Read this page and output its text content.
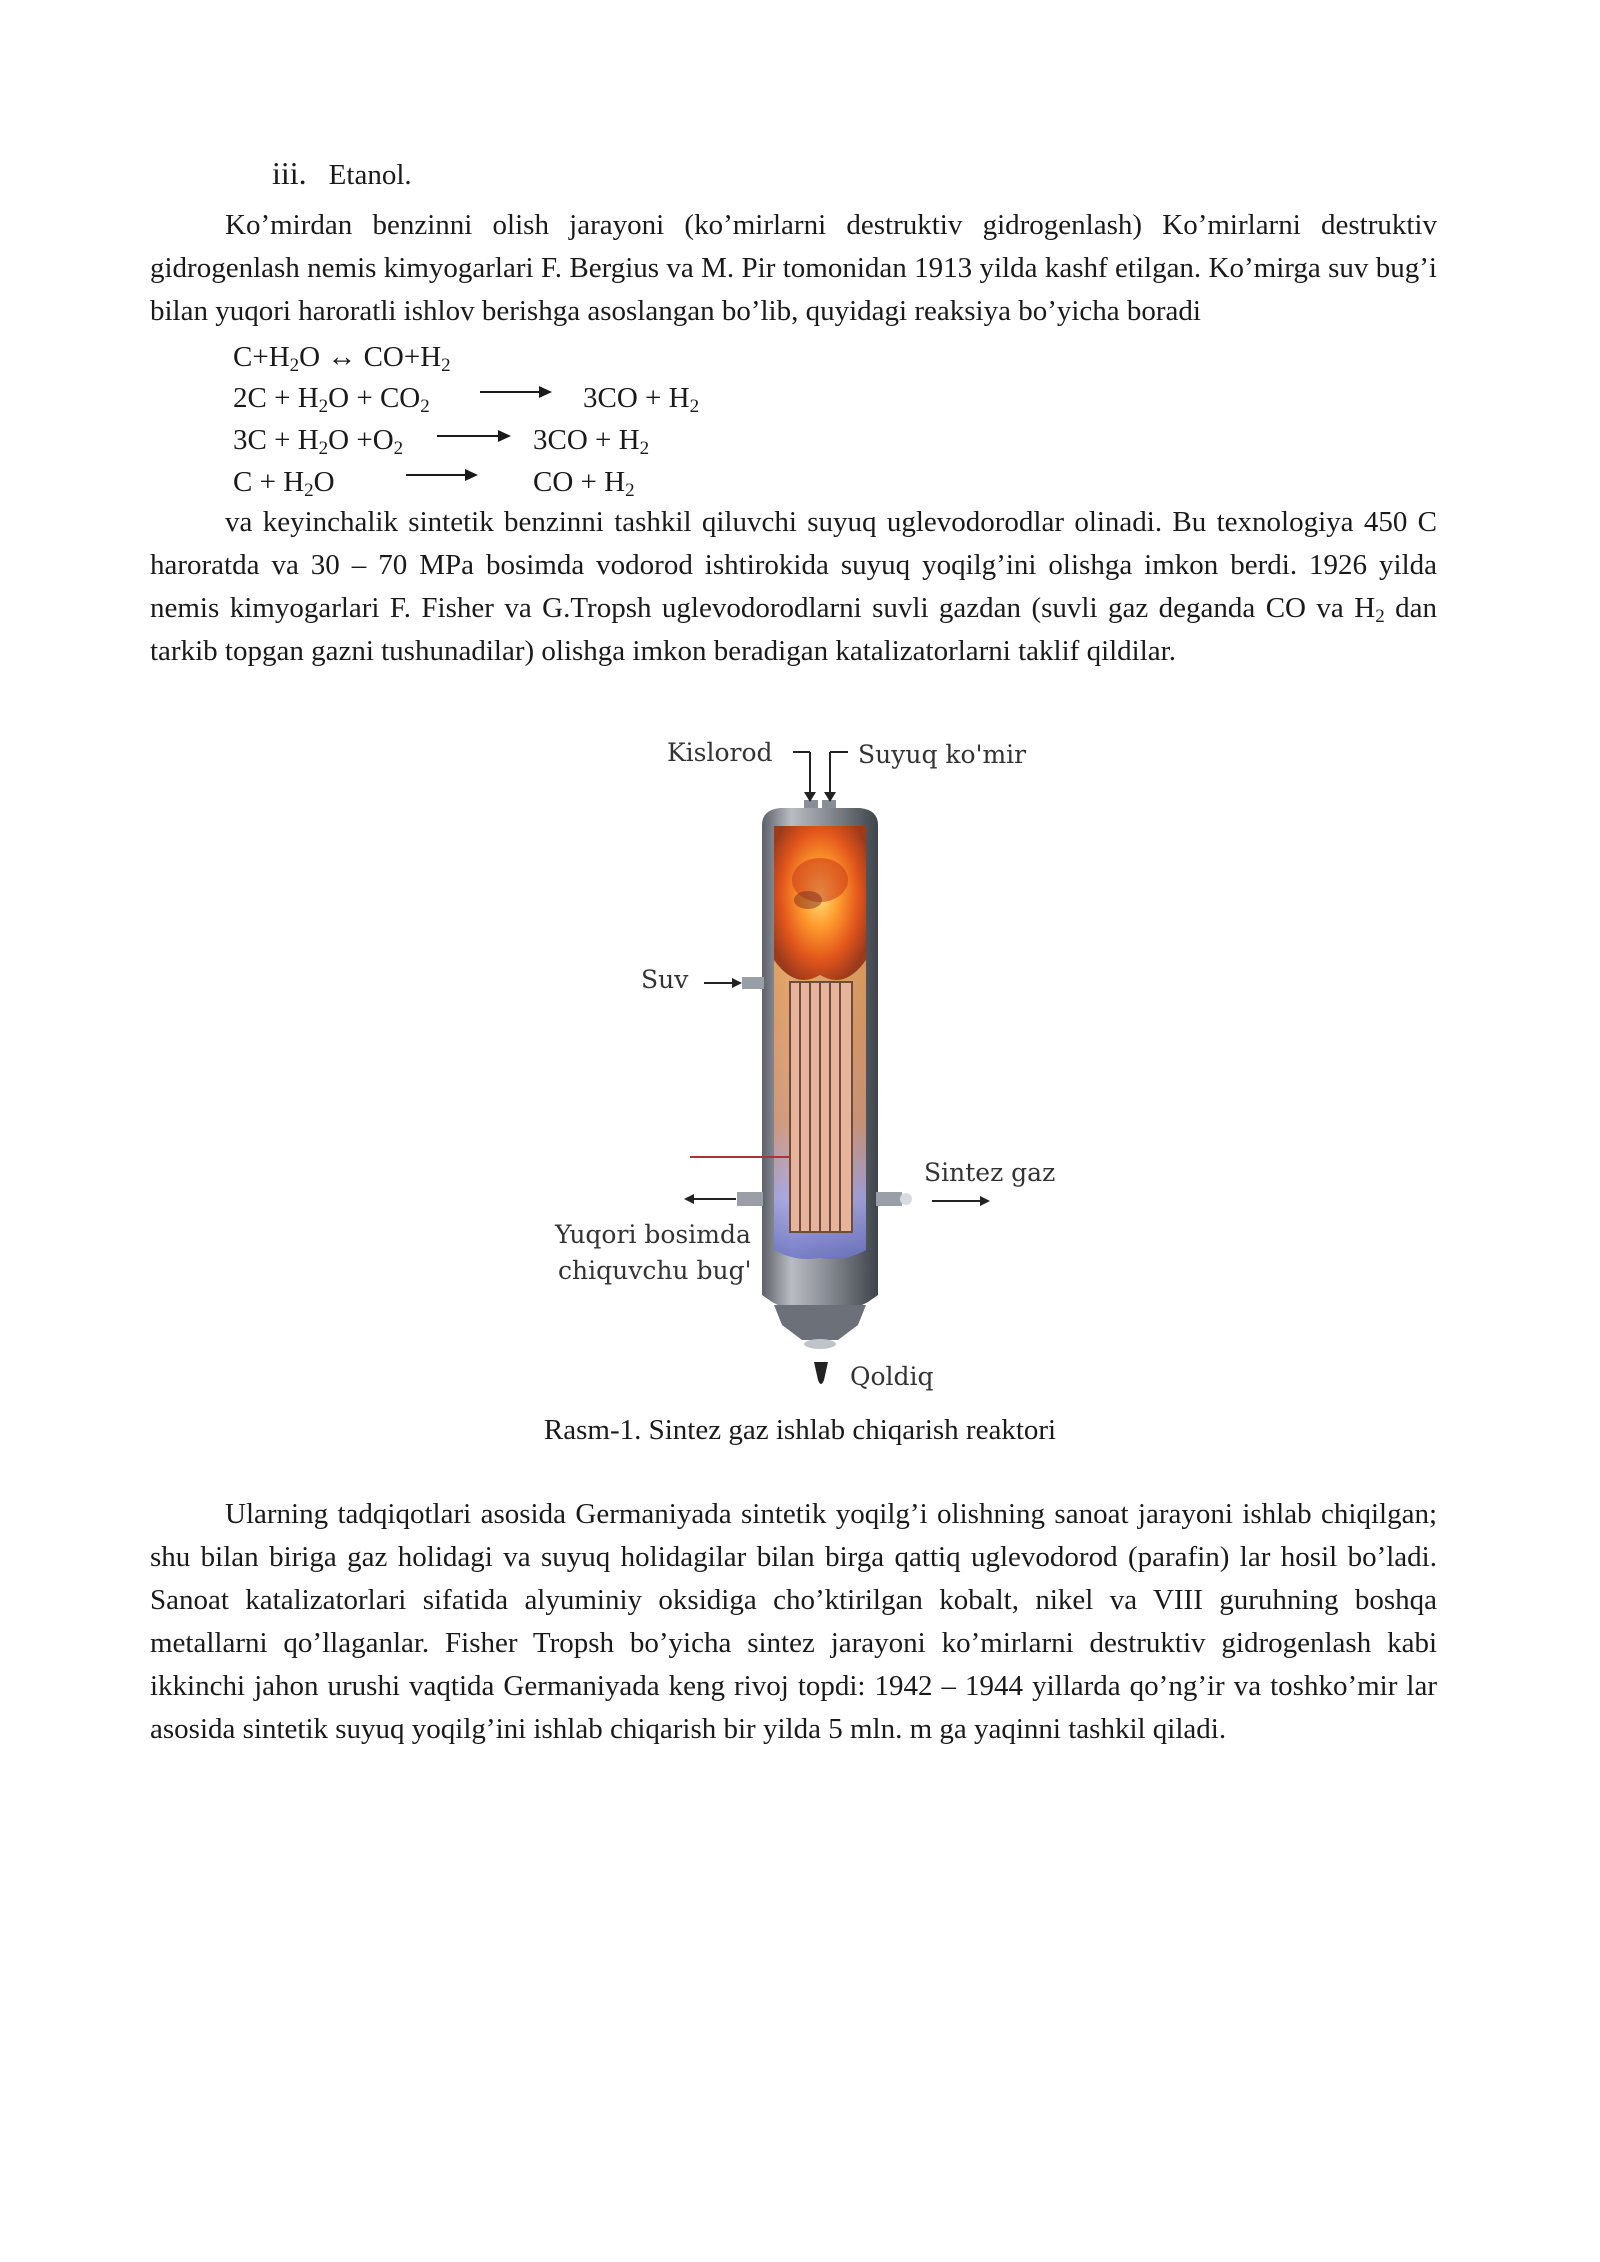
iii. Etanol.

Ko’mirdan benzinni olish jarayoni (ko’mirlarni destruktiv gidrogenlash) Ko’mirlarni destruktiv gidrogenlash nemis kimyogarlari F. Bergius va M. Pir tomonidan 1913 yilda kashf etilgan. Ko’mirga suv bug’i bilan yuqori haroratli ishlov berishga asoslangan bo’lib, quyidagi reaksiya bo’yicha boradi

$C+H_2O$ ↔ $CO+H_2$
$2C + H_2O + CO_2$	$3CO + H_2$
$3C + H_2O +O_2$	$3CO + H_2$
$C + H_2O$	CO + $H_2$

va keyinchalik sintetik benzinni tashkil qiluvchi suyuq uglevodorodlar olinadi. Bu texnologiya 450 C haroratda va 30 – 70 MPa bosimda vodorod ishtirokida suyuq yoqilg’ini olishga imkon berdi. 1926 yilda nemis kimyogarlari F. Fisher va G.Tropsh uglevodorodlarni suvli gazdan (suvli gaz deganda CO va $H_2$ dan tarkib topgan gazni tushunadilar) olishga imkon beradigan katalizatorlarni taklif qildilar.

Kislorod	Suyuq ko'mir
Suv
Sintez gaz
Yuqori bosimda
chiquvchu bug'
Qoldiq
Rasm-1. Sintez gaz ishlab chiqarish reaktori

Ularning tadqiqotlari asosida Germaniyada sintetik yoqilg’i olishning sanoat jarayoni ishlab chiqilgan; shu bilan biriga gaz holidagi va suyuq holidagilar bilan birga qattiq uglevodorod (parafin) lar hosil bo’ladi. Sanoat katalizatorlari sifatida alyuminiy oksidiga cho’ktirilgan kobalt, nikel va VIII guruhning boshqa metallarni qo’llaganlar. Fisher Tropsh bo’yicha sintez jarayoni ko’mirlarni destruktiv gidrogenlash kabi ikkinchi jahon urushi vaqtida Germaniyada keng rivoj topdi: 1942 – 1944 yillarda qo’ng’ir va toshko’mir lar asosida sintetik suyuq yoqilg’ini ishlab chiqarish bir yilda 5 mln. m ga yaqinni tashkil qiladi.
